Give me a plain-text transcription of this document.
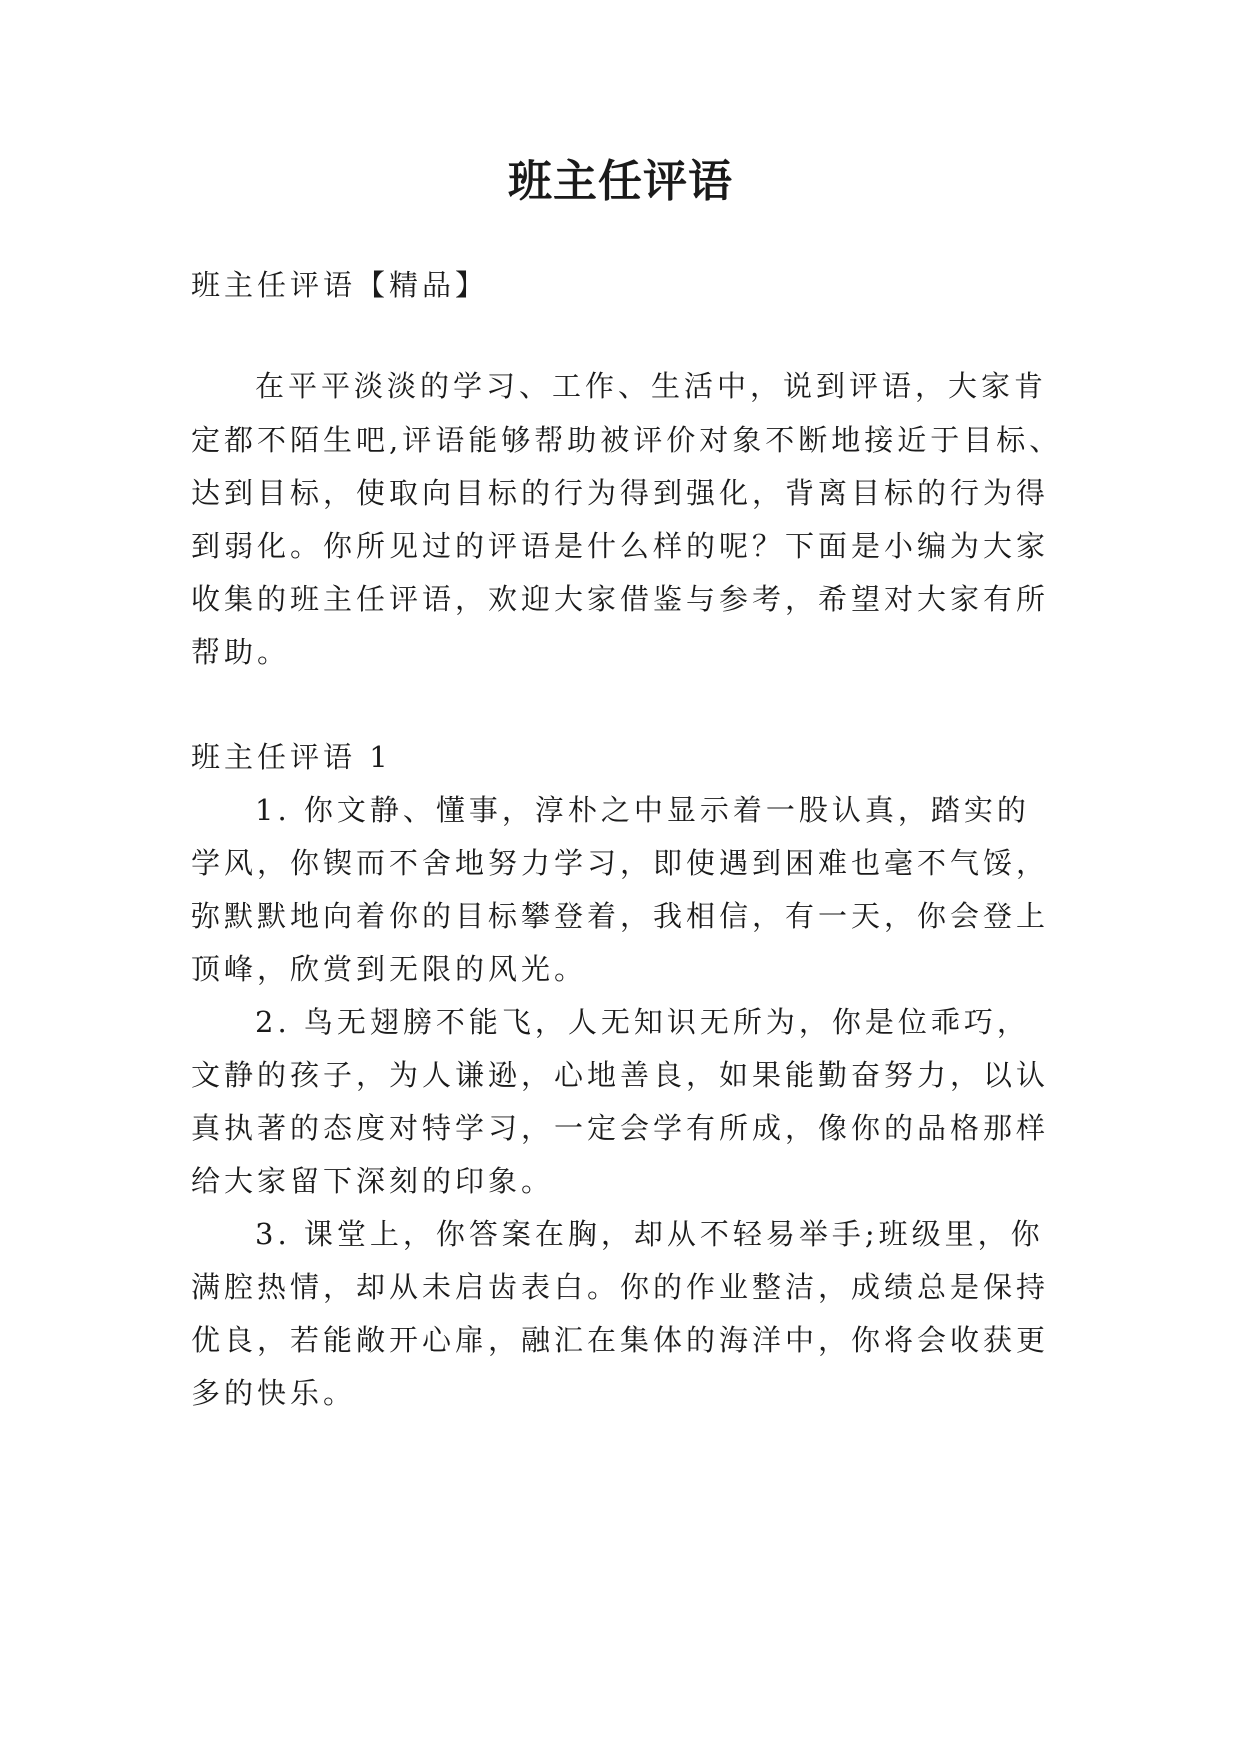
班主任评语
班主任评语【精品】
在平平淡淡的学习、工作、生活中，说到评语，大家肯
定都不陌生吧,评语能够帮助被评价对象不断地接近于目标、
达到目标，使取向目标的行为得到强化，背离目标的行为得
到弱化。你所见过的评语是什么样的呢？下面是小编为大家
收集的班主任评语，欢迎大家借鉴与参考，希望对大家有所
帮助。
班主任评语 1
1. 你文静、懂事，淳朴之中显示着一股认真，踏实的
学风，你锲而不舍地努力学习，即使遇到困难也毫不气馁，
弥默默地向着你的目标攀登着，我相信，有一天，你会登上
顶峰，欣赏到无限的风光。
2. 鸟无翅膀不能飞，人无知识无所为，你是位乖巧，
文静的孩子，为人谦逊，心地善良，如果能勤奋努力，以认
真执著的态度对特学习，一定会学有所成，像你的品格那样
给大家留下深刻的印象。
3. 课堂上，你答案在胸，却从不轻易举手;班级里，你
满腔热情，却从未启齿表白。你的作业整洁，成绩总是保持
优良，若能敞开心扉，融汇在集体的海洋中，你将会收获更
多的快乐。
